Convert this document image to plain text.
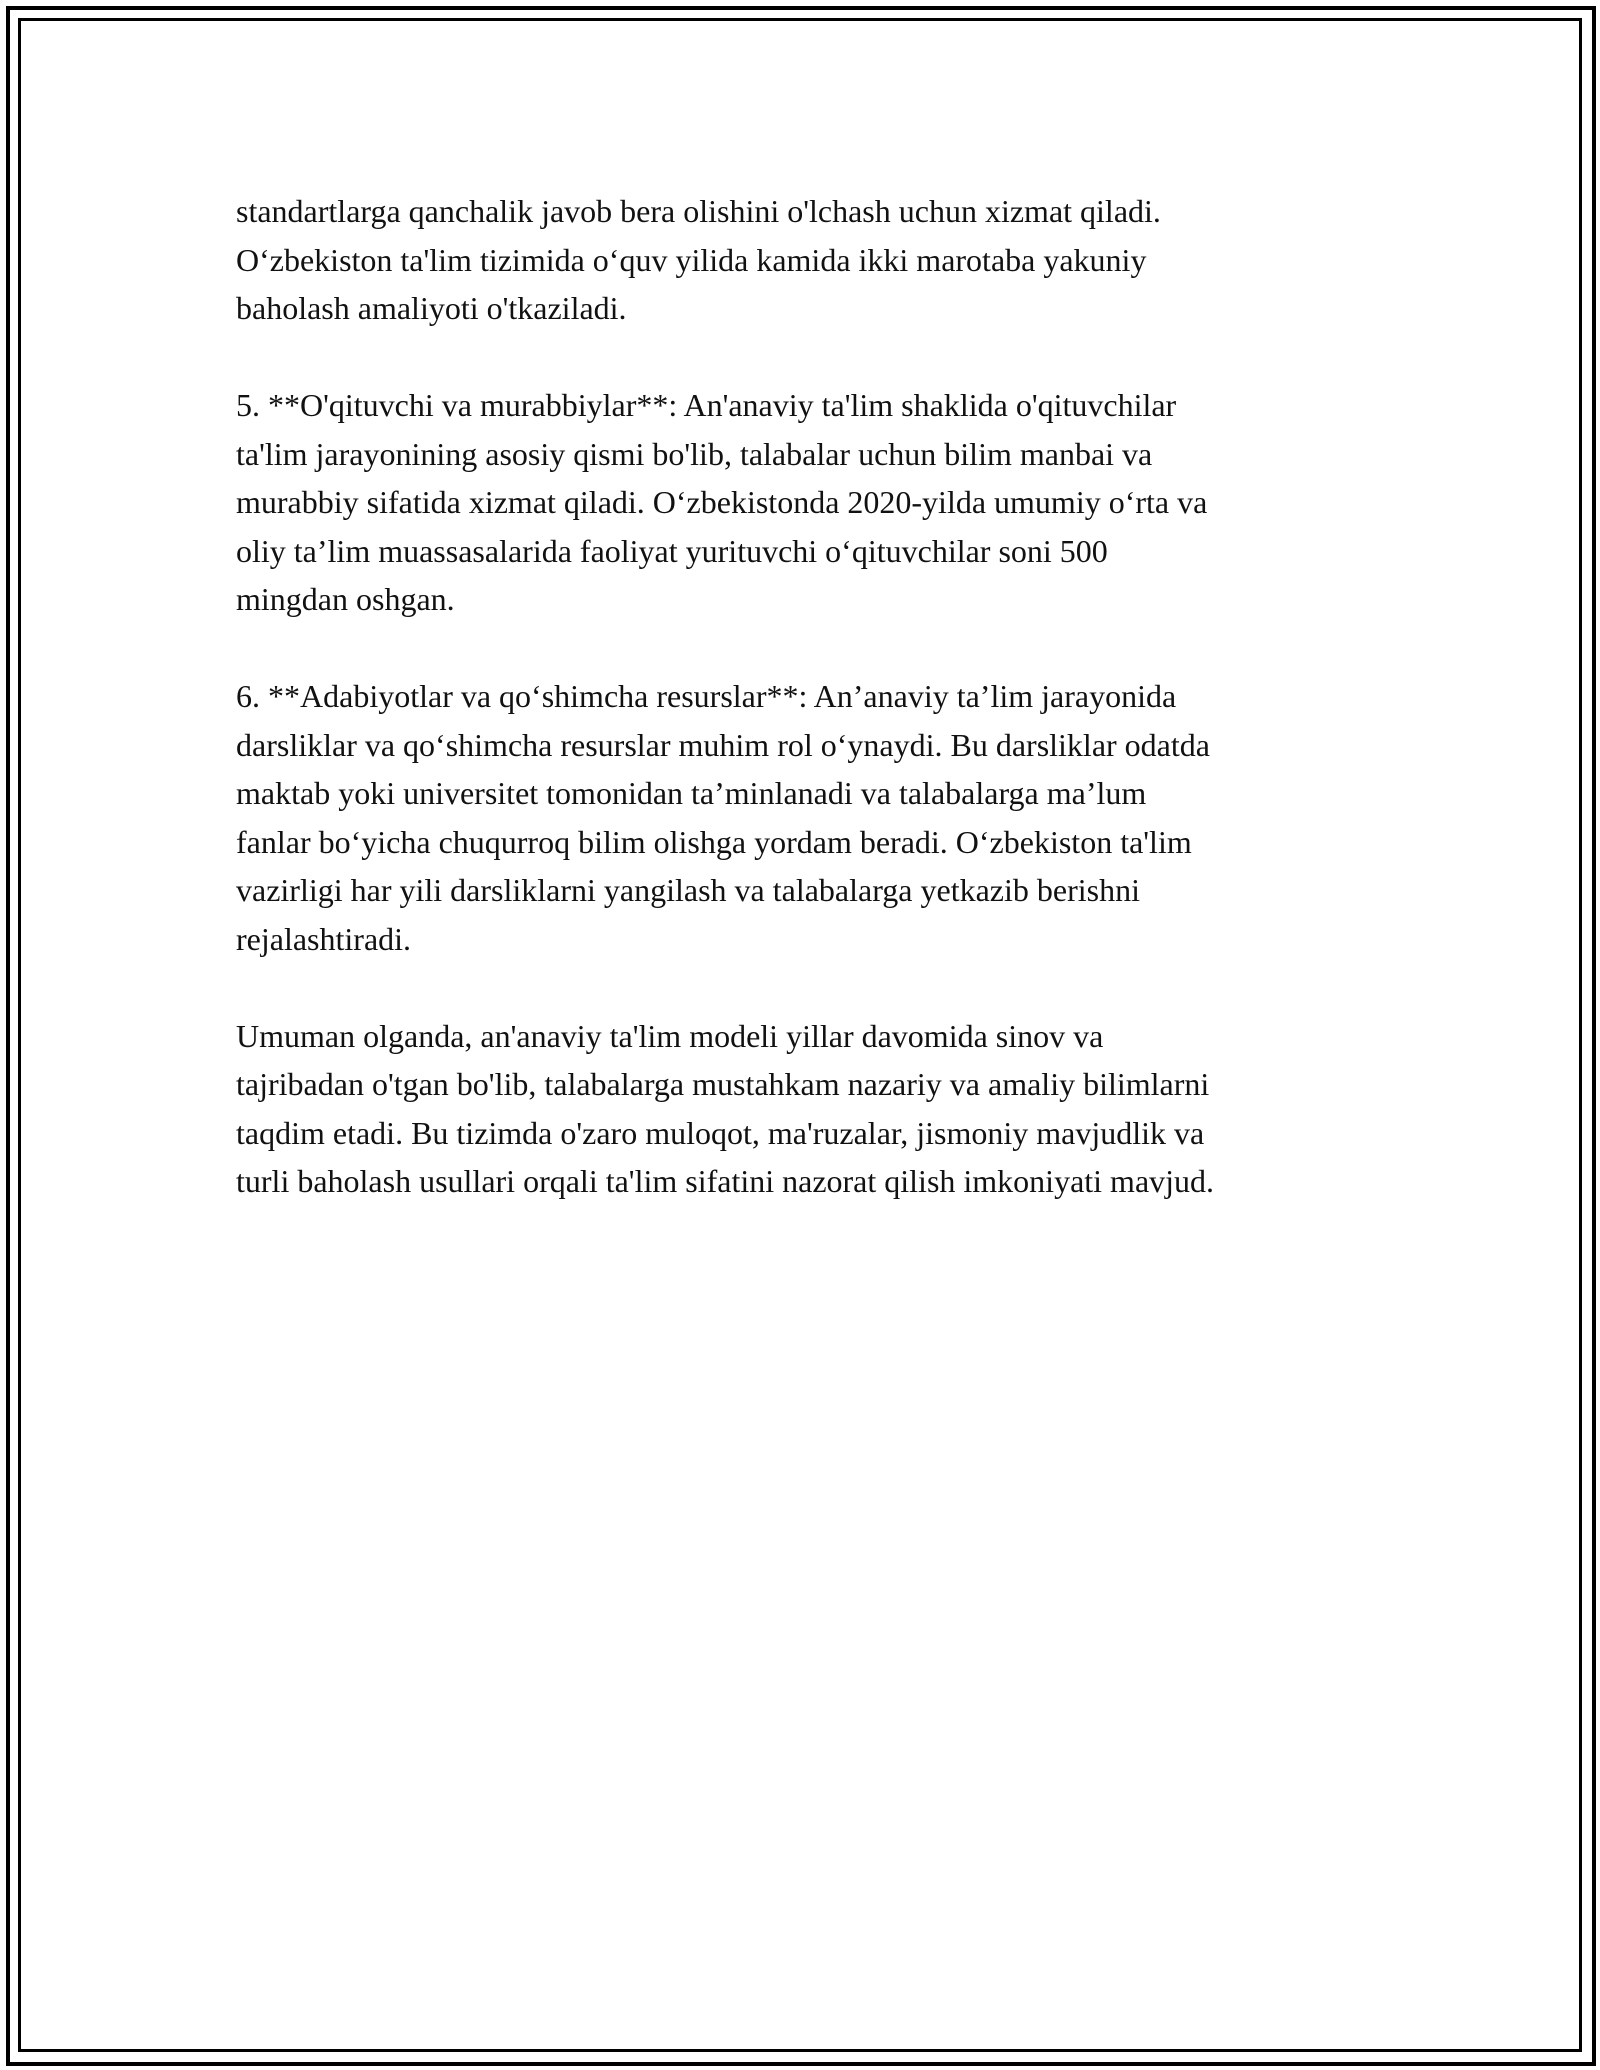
standartlarga qanchalik javob bera olishini o'lchash uchun xizmat qiladi.
O‘zbekiston ta'lim tizimida o‘quv yilida kamida ikki marotaba yakuniy
baholash amaliyoti o'tkaziladi.

5. **O'qituvchi va murabbiylar**: An'anaviy ta'lim shaklida o'qituvchilar
ta'lim jarayonining asosiy qismi bo'lib, talabalar uchun bilim manbai va
murabbiy sifatida xizmat qiladi. O‘zbekistonda 2020-yilda umumiy o‘rta va
oliy ta’lim muassasalarida faoliyat yurituvchi o‘qituvchilar soni 500
mingdan oshgan.

6. **Adabiyotlar va qo‘shimcha resurslar**: An’anaviy ta’lim jarayonida
darsliklar va qo‘shimcha resurslar muhim rol o‘ynaydi. Bu darsliklar odatda
maktab yoki universitet tomonidan ta’minlanadi va talabalarga ma’lum
fanlar bo‘yicha chuqurroq bilim olishga yordam beradi. O‘zbekiston ta'lim
vazirligi har yili darsliklarni yangilash va talabalarga yetkazib berishni
rejalashtiradi.

Umuman olganda, an'anaviy ta'lim modeli yillar davomida sinov va
tajribadan o'tgan bo'lib, talabalarga mustahkam nazariy va amaliy bilimlarni
taqdim etadi. Bu tizimda o'zaro muloqot, ma'ruzalar, jismoniy mavjudlik va
turli baholash usullari orqali ta'lim sifatini nazorat qilish imkoniyati mavjud.
